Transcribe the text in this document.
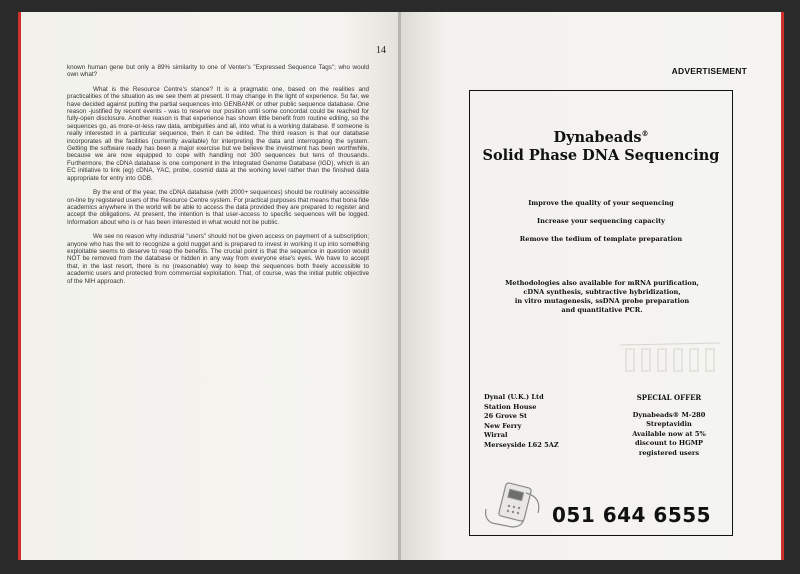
14

known human gene but only a 89% similarity to one of Venter's "Expressed Sequence Tags"; who would own what?

What is the Resource Centre's stance? It is a pragmatic one, based on the realities and practicalities of the situation as we see them at present. It may change in the light of experience. So far, we have decided against putting the partial sequences into GENBANK or other public sequence database. One reason -justified by recent events - was to reserve our position until some concordat could be reached for fully-open disclosure. Another reason is that experience has shown little benefit from routine editing, so the sequences go, as more-or-less raw data, ambiguities and all, into what is a working database. If someone is really interested in a particular sequence, then it can be edited. The third reason is that our database incorporates all the facilities (currently available) for interpreting the data and interrogating the system. Getting the software ready has been a major exercise but we believe the investment has been worthwhile, because we are now equipped to cope with handling not 300 sequences but tens of thousands. Furthermore, the cDNA database is one component in the Integrated Genome Database (IGD), which is an EC initiative to link (eg) cDNA, YAC, probe, cosmid data at the working level rather than the finished data appropriate for entry into GDB.

By the end of the year, the cDNA database (with 2000+ sequences) should be routinely accessible on-line by registered users of the Resource Centre system. For practical purposes that means that bona fide academics anywhere in the world will be able to access the data provided they are prepared to register and accept the obligations. At present, the intention is that user-access to specific sequences will be logged. Information about who is or has been interested in what would not be public.

We see no reason why industrial "users" should not be given access on payment of a subscription; anyone who has the wit to recognize a gold nugget and is prepared to invest in working it up into something exploitable seems to deserve to reap the benefits. The crucial point is that the sequence in question would NOT be removed from the database or hidden in any way from everyone else's eyes. We have to accept that, in the last resort, there is no (reasonable) way to keep the sequences both freely accessible to academic users and protected from commercial exploitation. That, of course, was the initial public objective of the NIH approach.

ADVERTISEMENT
Dynabeads®
Solid Phase DNA Sequencing
Improve the quality of your sequencing
Increase your sequencing capacity
Remove the tedium of template preparation
Methodologies also available for mRNA purification,
cDNA synthesis, subtractive hybridization,
in vitro mutagenesis, ssDNA probe preparation
and quantitative PCR.
Dynal (U.K.) Ltd
Station House
26 Grove St
New Ferry
Wirral
Merseyside L62 5AZ
SPECIAL OFFER
Dynabeads® M-280
Streptavidin
Available now at 5%
discount to HGMP
registered users
051 644 6555
